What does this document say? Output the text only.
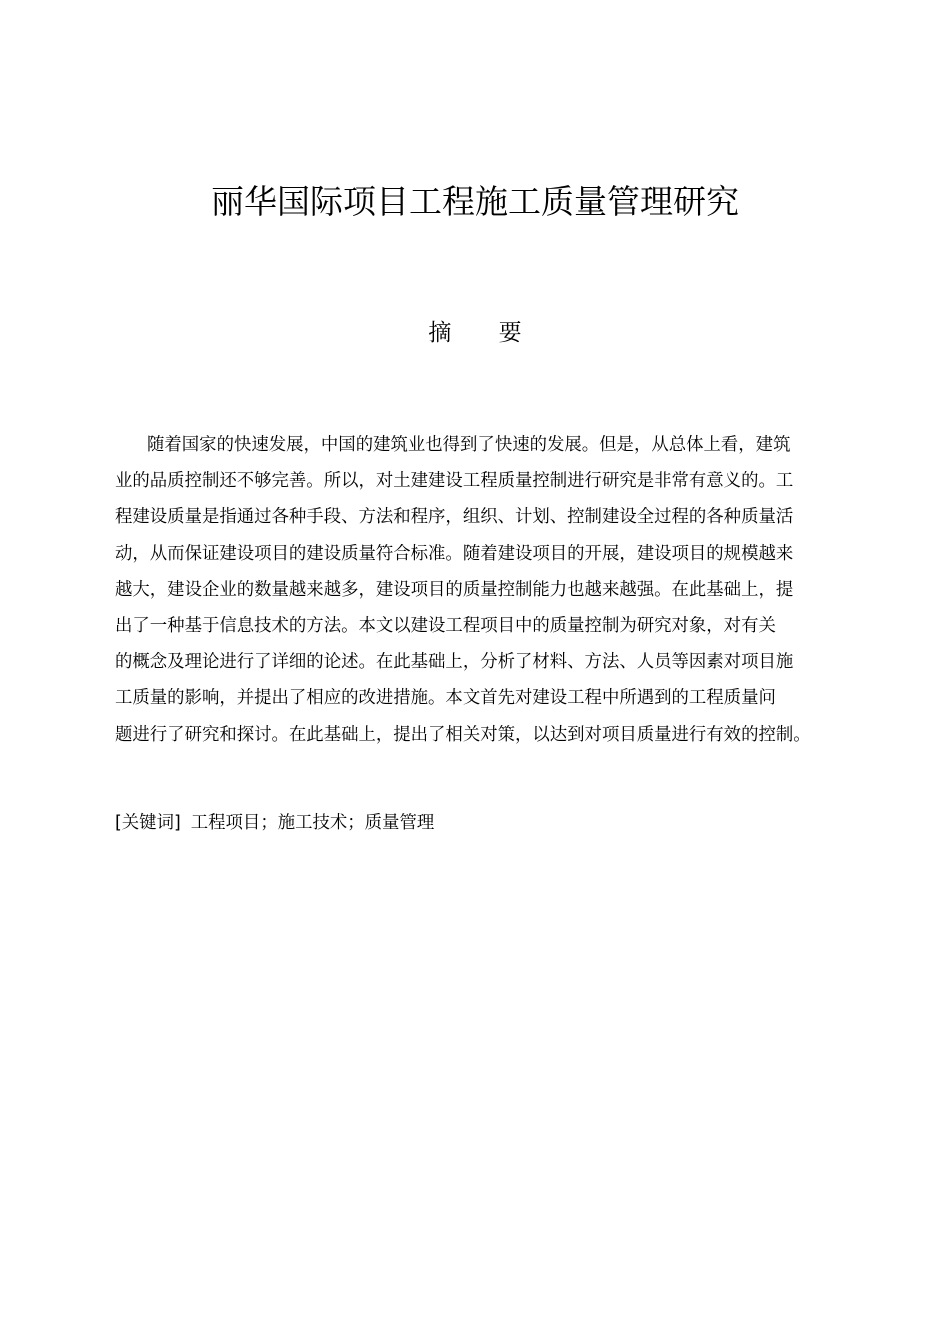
丽华国际项目工程施工质量管理研究
摘 要

随着国家的快速发展，中国的建筑业也得到了快速的发展。但是，从总体上看，建筑
业的品质控制还不够完善。所以，对土建建设工程质量控制进行研究是非常有意义的。工
程建设质量是指通过各种手段、方法和程序，组织、计划、控制建设全过程的各种质量活
动，从而保证建设项目的建设质量符合标准。随着建设项目的开展，建设项目的规模越来
越大，建设企业的数量越来越多，建设项目的质量控制能力也越来越强。在此基础上，提
出了一种基于信息技术的方法。本文以建设工程项目中的质量控制为研究对象，对有关
的概念及理论进行了详细的论述。在此基础上，分析了材料、方法、人员等因素对项目施
工质量的影响，并提出了相应的改进措施。本文首先对建设工程中所遇到的工程质量问
题进行了研究和探讨。在此基础上，提出了相关对策，以达到对项目质量进行有效的控制。

[关键词] 工程项目；施工技术；质量管理
